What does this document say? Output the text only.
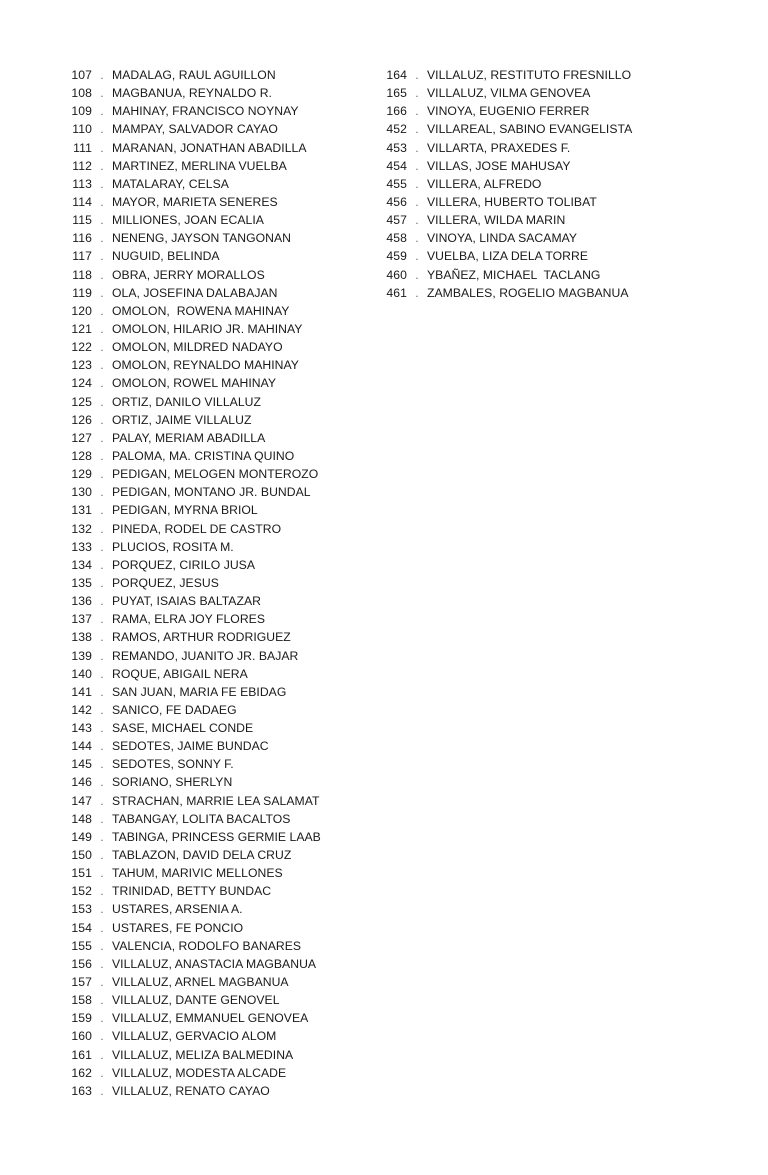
107 . MADALAG, RAUL AGUILLON
108 . MAGBANUA, REYNALDO R.
109 . MAHINAY, FRANCISCO NOYNAY
110 . MAMPAY, SALVADOR CAYAO
111 . MARANAN, JONATHAN ABADILLA
112 . MARTINEZ, MERLINA VUELBA
113 . MATALARAY, CELSA
114 . MAYOR, MARIETA SENERES
115 . MILLIONES, JOAN ECALIA
116 . NENENG, JAYSON TANGONAN
117 . NUGUID, BELINDA
118 . OBRA, JERRY MORALLOS
119 . OLA, JOSEFINA DALABAJAN
120 . OMOLON,  ROWENA MAHINAY
121 . OMOLON, HILARIO JR. MAHINAY
122 . OMOLON, MILDRED NADAYO
123 . OMOLON, REYNALDO MAHINAY
124 . OMOLON, ROWEL MAHINAY
125 . ORTIZ, DANILO VILLALUZ
126 . ORTIZ, JAIME VILLALUZ
127 . PALAY, MERIAM ABADILLA
128 . PALOMA, MA. CRISTINA QUINO
129 . PEDIGAN, MELOGEN MONTEROZO
130 . PEDIGAN, MONTANO JR. BUNDAL
131 . PEDIGAN, MYRNA BRIOL
132 . PINEDA, RODEL DE CASTRO
133 . PLUCIOS, ROSITA M.
134 . PORQUEZ, CIRILO JUSA
135 . PORQUEZ, JESUS
136 . PUYAT, ISAIAS BALTAZAR
137 . RAMA, ELRA JOY FLORES
138 . RAMOS, ARTHUR RODRIGUEZ
139 . REMANDO, JUANITO JR. BAJAR
140 . ROQUE, ABIGAIL NERA
141 . SAN JUAN, MARIA FE EBIDAG
142 . SANICO, FE DADAEG
143 . SASE, MICHAEL CONDE
144 . SEDOTES, JAIME BUNDAC
145 . SEDOTES, SONNY F.
146 . SORIANO, SHERLYN
147 . STRACHAN, MARRIE LEA SALAMAT
148 . TABANGAY, LOLITA BACALTOS
149 . TABINGA, PRINCESS GERMIE LAAB
150 . TABLAZON, DAVID DELA CRUZ
151 . TAHUM, MARIVIC MELLONES
152 . TRINIDAD, BETTY BUNDAC
153 . USTARES, ARSENIA A.
154 . USTARES, FE PONCIO
155 . VALENCIA, RODOLFO BANARES
156 . VILLALUZ, ANASTACIA MAGBANUA
157 . VILLALUZ, ARNEL MAGBANUA
158 . VILLALUZ, DANTE GENOVEL
159 . VILLALUZ, EMMANUEL GENOVEA
160 . VILLALUZ, GERVACIO ALOM
161 . VILLALUZ, MELIZA BALMEDINA
162 . VILLALUZ, MODESTA ALCADE
163 . VILLALUZ, RENATO CAYAO
164 . VILLALUZ, RESTITUTO FRESNILLO
165 . VILLALUZ, VILMA GENOVEA
166 . VINOYA, EUGENIO FERRER
452 . VILLAREAL, SABINO EVANGELISTA
453 . VILLARTA, PRAXEDES F.
454 . VILLAS, JOSE MAHUSAY
455 . VILLERA, ALFREDO
456 . VILLERA, HUBERTO TOLIBAT
457 . VILLERA, WILDA MARIN
458 . VINOYA, LINDA SACAMAY
459 . VUELBA, LIZA DELA TORRE
460 . YBAÑEZ, MICHAEL  TACLANG
461 . ZAMBALES, ROGELIO MAGBANUA
